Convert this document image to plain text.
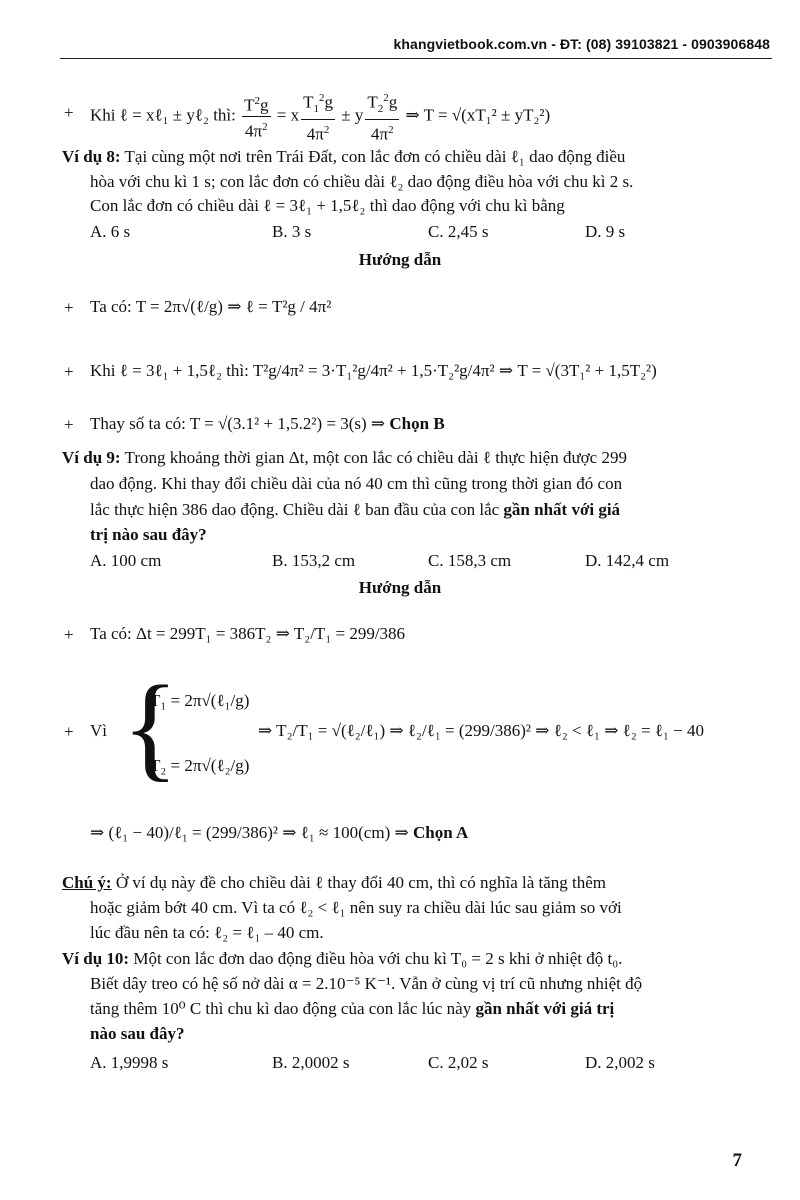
khangvietbook.com.vn - ĐT: (08) 39103821 - 0903906848
+ Khi ℓ = xℓ₁ ± yℓ₂ thì: $\frac{T^2g}{4\pi^2} = x \frac{T_1^2g}{4\pi^2} \pm y \frac{T_2^2g}{4\pi^2}$ ⇒ T = √(xT₁² ± yT₂²)
Ví dụ 8: Tại cùng một nơi trên Trái Đất, con lắc đơn có chiều dài ℓ₁ dao động điều
hòa với chu kì 1 s; con lắc đơn có chiều dài ℓ₂ dao động điều hòa với chu kì 2 s.
Con lắc đơn có chiều dài ℓ = 3ℓ₁ + 1,5ℓ₂ thì dao động với chu kì bằng
A. 6 s	B. 3 s	C. 2,45 s	D. 9 s
Hướng dẫn
+ Ta có: T = 2π√(ℓ/g) ⇒ ℓ = T²g / 4π²
+ Khi ℓ = 3ℓ₁ + 1,5ℓ₂ thì: T²g/4π² = 3·T₁²g/4π² + 1,5·T₂²g/4π² ⇒ T = √(3T₁² + 1,5T₂²)
+ Thay số ta có: T = √(3.1² + 1,5.2²) = 3(s) ⇒ Chọn B
Ví dụ 9: Trong khoảng thời gian Δt, một con lắc có chiều dài ℓ thực hiện được 299
dao động. Khi thay đổi chiều dài của nó 40 cm thì cũng trong thời gian đó con
lắc thực hiện 386 dao động. Chiều dài ℓ ban đầu của con lắc gần nhất với giá
trị nào sau đây?
A. 100 cm	B. 153,2 cm	C. 158,3 cm	D. 142,4 cm
Hướng dẫn
+ Ta có: Δt = 299T₁ = 386T₂ ⇒ T₂/T₁ = 299/386
+ Vì {
T₁ = 2π√(ℓ₁/g)
T₂ = 2π√(ℓ₂/g)
⇒ T₂/T₁ = √(ℓ₂/ℓ₁) ⇒ ℓ₂/ℓ₁ = (299/386)² ⇒ ℓ₂ < ℓ₁ ⇒ ℓ₂ = ℓ₁ − 40
⇒ (ℓ₁ − 40)/ℓ₁ = (299/386)² ⇒ ℓ₁ ≈ 100(cm) ⇒ Chọn A
Chú ý: Ở ví dụ này đề cho chiều dài ℓ thay đổi 40 cm, thì có nghĩa là tăng thêm
hoặc giảm bớt 40 cm. Vì ta có ℓ₂ < ℓ₁ nên suy ra chiều dài lúc sau giảm so với
lúc đầu nên ta có: ℓ₂ = ℓ₁ – 40 cm.
Ví dụ 10: Một con lắc đơn dao động điều hòa với chu kì T₀ = 2 s khi ở nhiệt độ t₀.
Biết dây treo có hệ số nở dài α = 2.10⁻⁵ K⁻¹. Vẫn ở cùng vị trí cũ nhưng nhiệt độ
tăng thêm 10⁰ C thì chu kì dao động của con lắc lúc này gần nhất với giá trị
nào sau đây?
A. 1,9998 s	B. 2,0002 s	C. 2,02 s	D. 2,002 s
7
